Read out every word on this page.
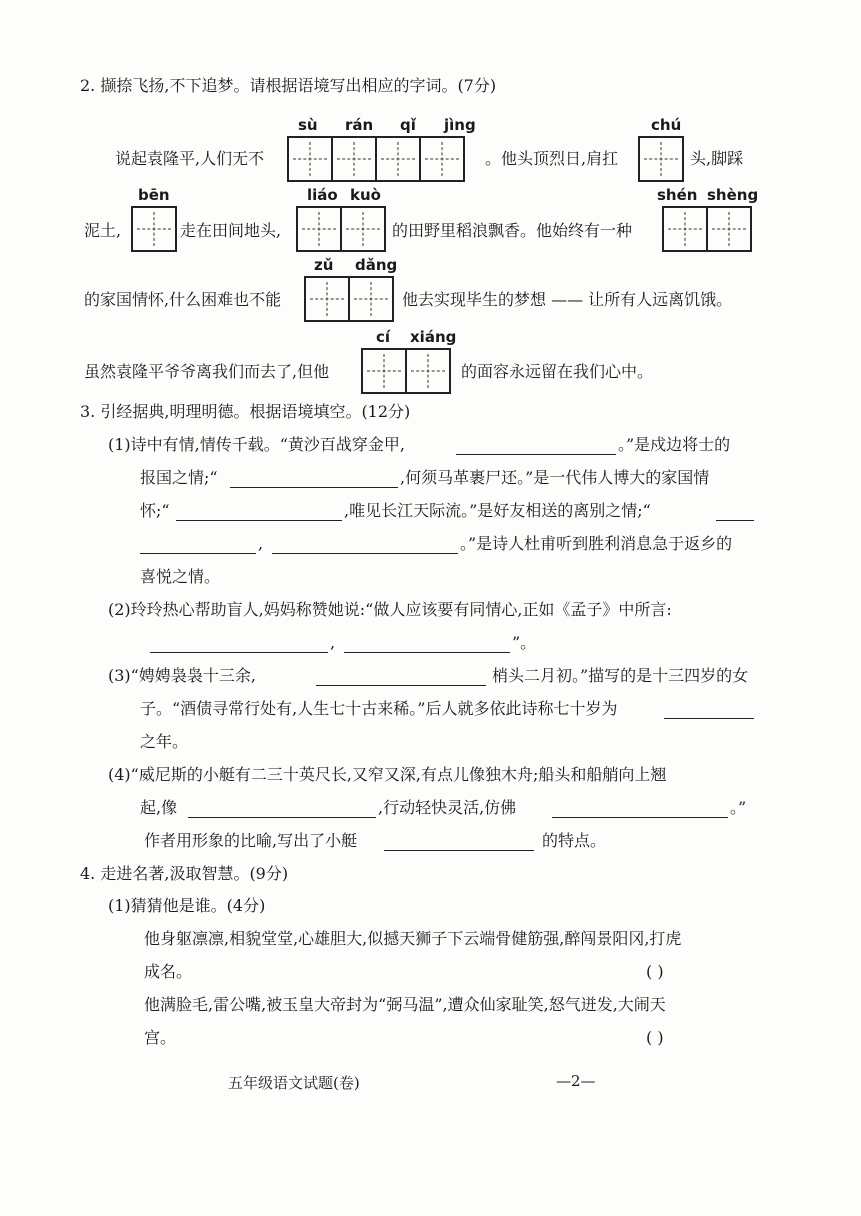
2. 撷捺飞扬,不下追梦。请根据语境写出相应的字词。(7分)
sù rán qǐ jìng	chú
说起袁隆平,人们无不	。他头顶烈日,肩扛	头,脚踩
bēn	liáo kuò	shén shèng
泥土,	走在田间地头,	的田野里稻浪飘香。他始终有一种
zǔ dǎng
的家国情怀,什么困难也不能	他去实现毕生的梦想 —— 让所有人远离饥饿。
cí xiáng
虽然袁隆平爷爷离我们而去了,但他	的面容永远留在我们心中。
3. 引经据典,明理明德。根据语境填空。(12分)
(1)诗中有情,情传千载。“黄沙百战穿金甲,	。”是戍边将士的
报国之情;“	,何须马革裹尸还。”是一代伟人博大的家国情
怀;“	,唯见长江天际流。”是好友相送的离别之情;“
,	。”是诗人杜甫听到胜利消息急于返乡的
喜悦之情。
(2)玲玲热心帮助盲人,妈妈称赞她说:“做人应该要有同情心,正如《孟子》中所言:
,	”。
(3)“娉娉袅袅十三余,	梢头二月初。”描写的是十三四岁的女
子。“酒债寻常行处有,人生七十古来稀。”后人就多依此诗称七十岁为
之年。
(4)“威尼斯的小艇有二三十英尺长,又窄又深,有点儿像独木舟;船头和船艄向上翘
起,像	,行动轻快灵活,仿佛	。”
作者用形象的比喻,写出了小艇	的特点。
4. 走进名著,汲取智慧。(9分)
(1)猜猜他是谁。(4分)
他身躯凛凛,相貌堂堂,心雄胆大,似撼天狮子下云端骨健筋强,醉闯景阳冈,打虎
成名。	( )
他满脸毛,雷公嘴,被玉皇大帝封为“弼马温”,遭众仙家耻笑,怒气迸发,大闹天
宫。	( )
五年级语文试题(卷)	—2—
